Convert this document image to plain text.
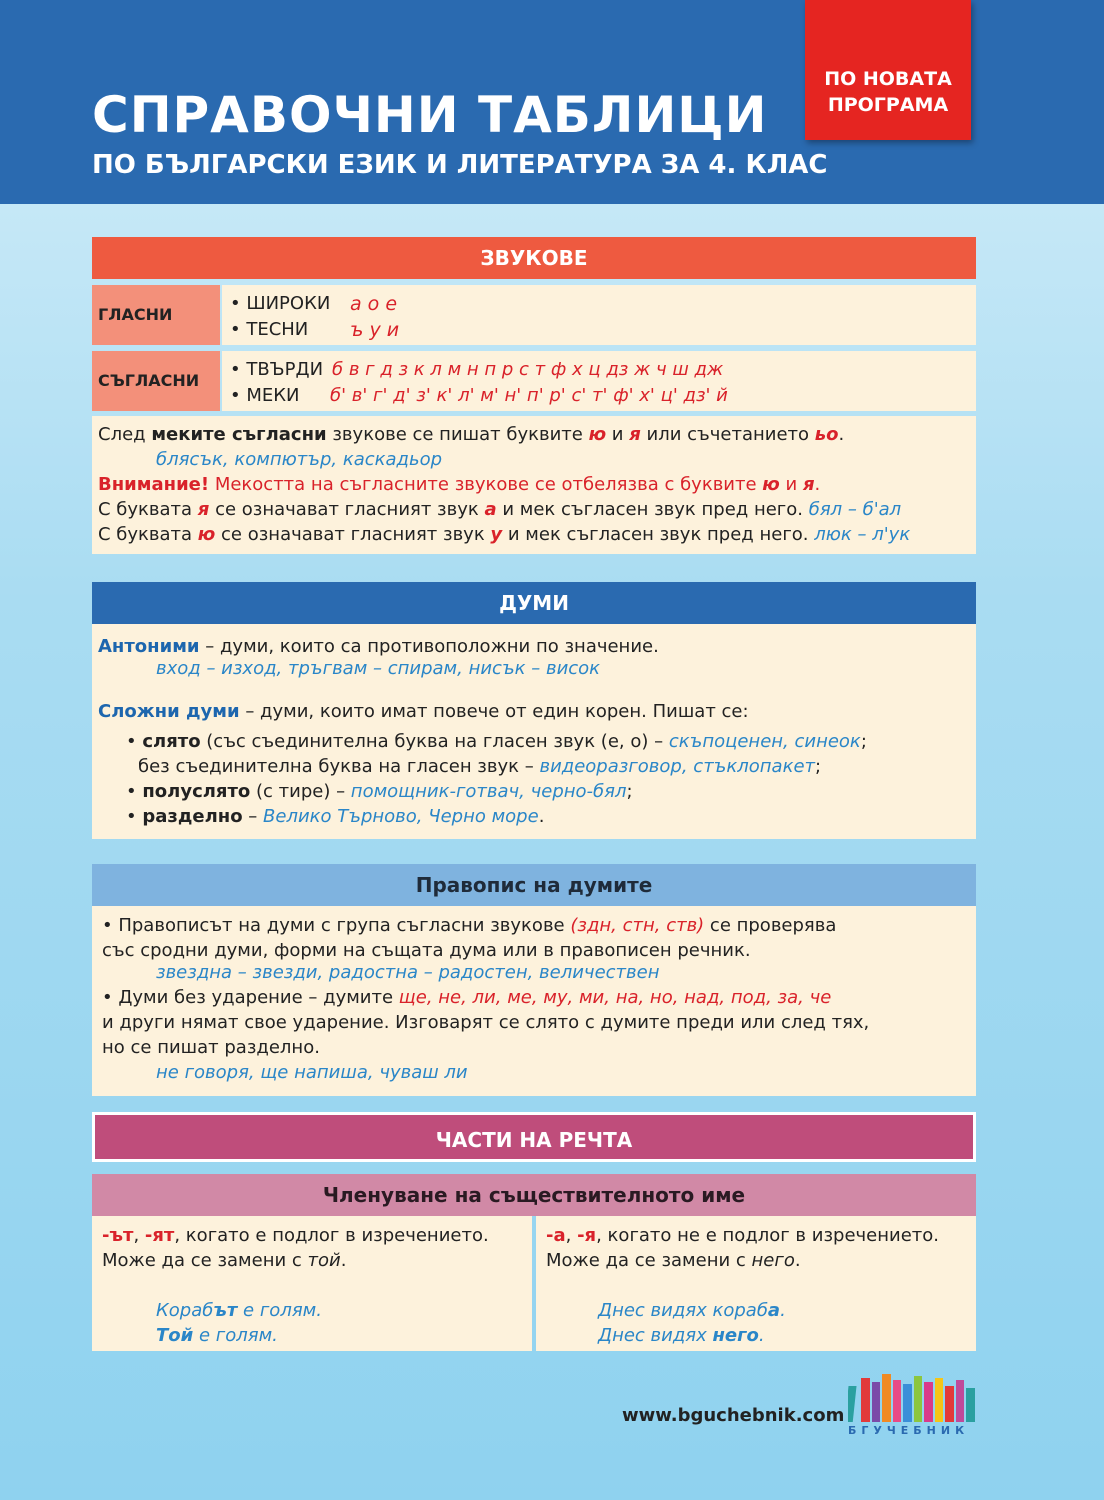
СПРАВОЧНИ ТАБЛИЦИ
ПО БЪЛГАРСКИ ЕЗИК И ЛИТЕРАТУРА ЗА 4. КЛАС
ПО НОВАТА
ПРОГРАМА
ЗВУКОВЕ
ГЛАСНИ
• ШИРОКИ а о е
• ТЕСНИ ъ у и
СЪГЛАСНИ
• ТВЪРДИ б в г д з к л м н п р с т ф х ц дз ж ч ш дж
• МЕКИ б' в' г' д' з' к' л' м' н' п' р' с' т' ф' х' ц' дз' й
След меките съгласни звукове се пишат буквите ю и я или съчетанието ьо.
блясък, компютър, каскадьор
Внимание! Мекостта на съгласните звукове се отбелязва с буквите ю и я.
С буквата я се означават гласният звук а и мек съгласен звук пред него. бял – б'ал
С буквата ю се означават гласният звук у и мек съгласен звук пред него. люк – л'ук
ДУМИ
Антоними – думи, които са противоположни по значение.
вход – изход, тръгвам – спирам, нисък – висок
Сложни думи – думи, които имат повече от един корен. Пишат се:
• слято (със съединителна буква на гласен звук (е, о) – скъпоценен, синеок;
без съединителна буква на гласен звук – видеоразговор, стъклопакет;
• полуслято (с тире) – помощник-готвач, черно-бял;
• разделно – Велико Търново, Черно море.
Правопис на думите
• Правописът на думи с група съгласни звукове (здн, стн, ств) се проверява
със сродни думи, форми на същата дума или в правописен речник.
звездна – звезди, радостна – радостен, величествен
• Думи без ударение – думите ще, не, ли, ме, му, ми, на, но, над, под, за, че
и други нямат свое ударение. Изговарят се слято с думите преди или след тях,
но се пишат разделно.
не говоря, ще напиша, чуваш ли
ЧАСТИ НА РЕЧТА
Членуване на съществителното име
-ът, -ят, когато е подлог в изречението.
Може да се замени с той.
Корабът е голям.
Той е голям.
-а, -я, когато не е подлог в изречението.
Може да се замени с него.
Днес видях кораба.
Днес видях него.
www.bguchebnik.com
БГУЧЕБНИК
